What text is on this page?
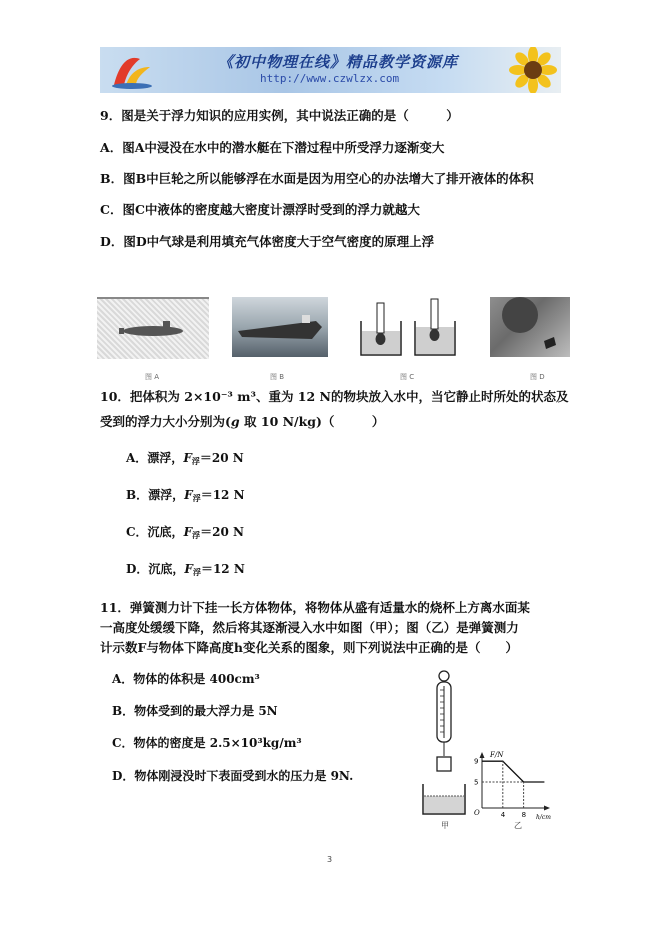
《初中物理在线》精品教学资源库
http://www.czwlzx.com
9．图是关于浮力知识的应用实例，其中说法正确的是（　　　）
A．图A中浸没在水中的潜水艇在下潜过程中所受浮力逐渐变大
B．图B中巨轮之所以能够浮在水面是因为用空心的办法增大了排开液体的体积
C．图C中液体的密度越大密度计漂浮时受到的浮力就越大
D．图D中气球是利用填充气体密度大于空气密度的原理上浮
图 A	图 B	图 C	图 D
10．把体积为 2×10⁻³ m³、重为 12 N的物块放入水中，当它静止时所处的状态及
受到的浮力大小分别为(g 取 10 N/kg)（　　　）
A．漂浮，$F_浮=20$ N
B．漂浮，$F_浮=12$ N
C．沉底，$F_浮=20$ N
D．沉底，$F_浮=12$ N
11．弹簧测力计下挂一长方体物体，将物体从盛有适量水的烧杯上方离水面某
一高度处缓缓下降，然后将其逐渐浸入水中如图（甲）；图（乙）是弹簧测力
计示数F与物体下降高度h变化关系的图象，则下列说法中正确的是（　　）
A．物体的体积是 400cm³
B．物体受到的最大浮力是 5N
C．物体的密度是 2.5×10³kg/m³
D．物体刚浸没时下表面受到水的压力是 9N.
甲
F/N
h/cm
O
9
5
4 8
乙
3
